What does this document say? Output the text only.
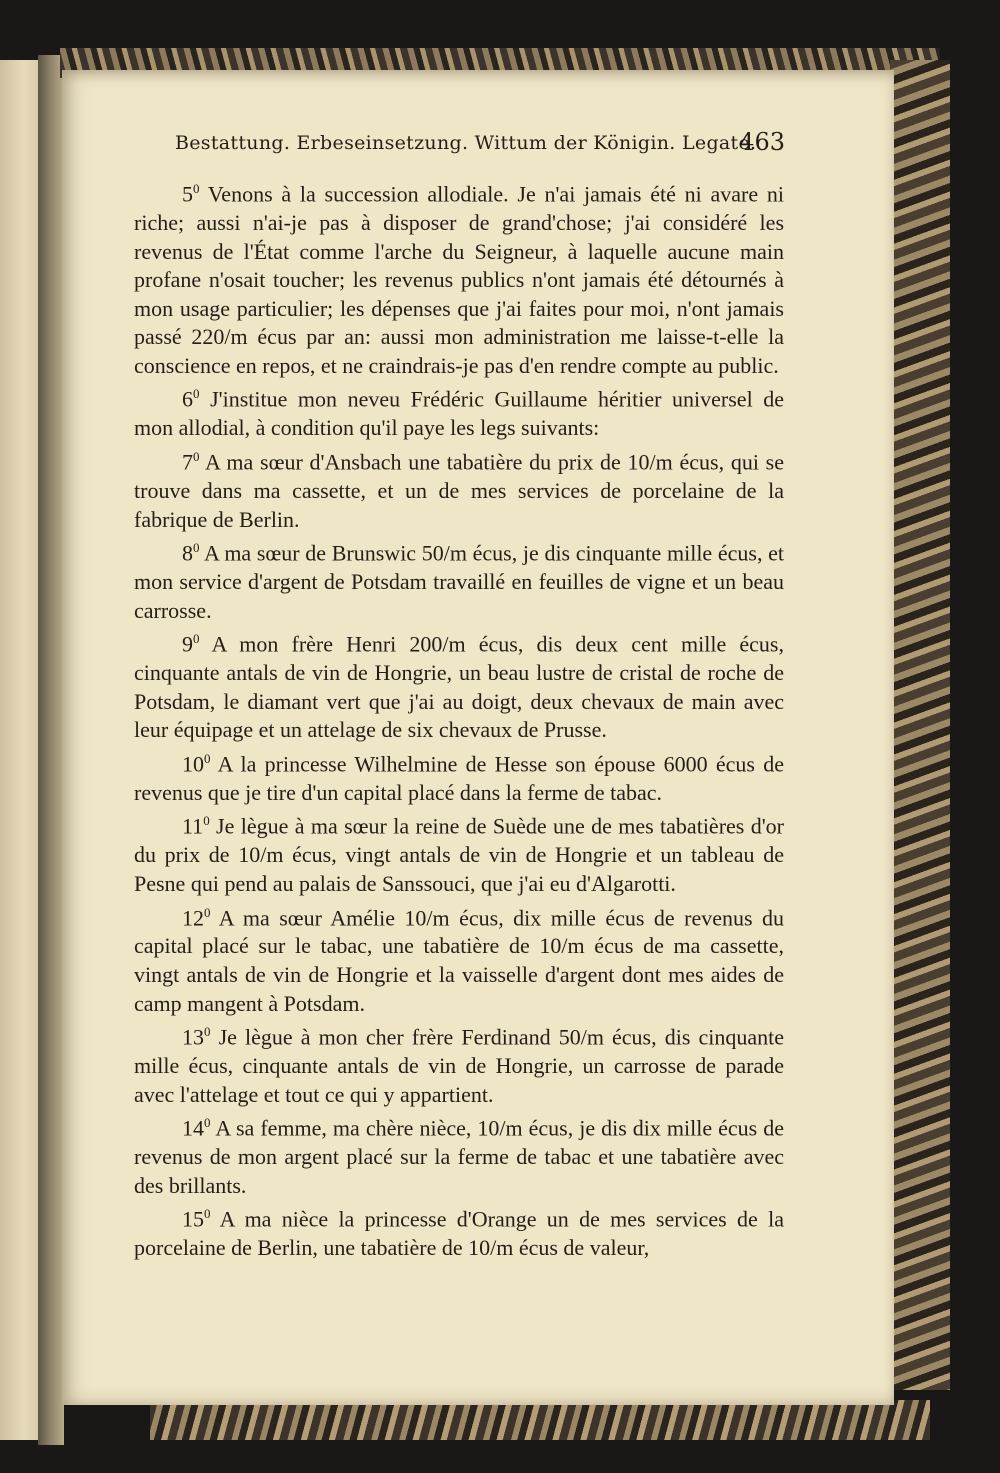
Bestattung. Erbeseinsetzung. Wittum der Königin. Legate.
463

$5^0$ Venons à la succession allodiale. Je n'ai jamais été ni avare ni riche; aussi n'ai-je pas à disposer de grand'chose; j'ai considéré les revenus de l'État comme l'arche du Seigneur, à laquelle aucune main profane n'osait toucher; les revenus publics n'ont jamais été détournés à mon usage particulier; les dépenses que j'ai faites pour moi, n'ont jamais passé 220/m écus par an: aussi mon administration me laisse-t-elle la conscience en repos, et ne craindrais-je pas d'en rendre compte au public.

$6^0$ J'institue mon neveu Frédéric Guillaume héritier universel de mon allodial, à condition qu'il paye les legs suivants:

$7^0$ A ma sœur d'Ansbach une tabatière du prix de 10/m écus, qui se trouve dans ma cassette, et un de mes services de porcelaine de la fabrique de Berlin.

$8^0$ A ma sœur de Brunswic 50/m écus, je dis cinquante mille écus, et mon service d'argent de Potsdam travaillé en feuilles de vigne et un beau carrosse.

$9^0$ A mon frère Henri 200/m écus, dis deux cent mille écus, cinquante antals de vin de Hongrie, un beau lustre de cristal de roche de Potsdam, le diamant vert que j'ai au doigt, deux chevaux de main avec leur équipage et un attelage de six chevaux de Prusse.

$10^0$ A la princesse Wilhelmine de Hesse son épouse 6000 écus de revenus que je tire d'un capital placé dans la ferme de tabac.

$11^0$ Je lègue à ma sœur la reine de Suède une de mes tabatières d'or du prix de 10/m écus, vingt antals de vin de Hongrie et un tableau de Pesne qui pend au palais de Sanssouci, que j'ai eu d'Algarotti.

$12^0$ A ma sœur Amélie 10/m écus, dix mille écus de revenus du capital placé sur le tabac, une tabatière de 10/m écus de ma cassette, vingt antals de vin de Hongrie et la vaisselle d'argent dont mes aides de camp mangent à Potsdam.

$13^0$ Je lègue à mon cher frère Ferdinand 50/m écus, dis cinquante mille écus, cinquante antals de vin de Hongrie, un carrosse de parade avec l'attelage et tout ce qui y appartient.

$14^0$ A sa femme, ma chère nièce, 10/m écus, je dis dix mille écus de revenus de mon argent placé sur la ferme de tabac et une tabatière avec des brillants.

$15^0$ A ma nièce la princesse d'Orange un de mes services de la porcelaine de Berlin, une tabatière de 10/m écus de valeur,
